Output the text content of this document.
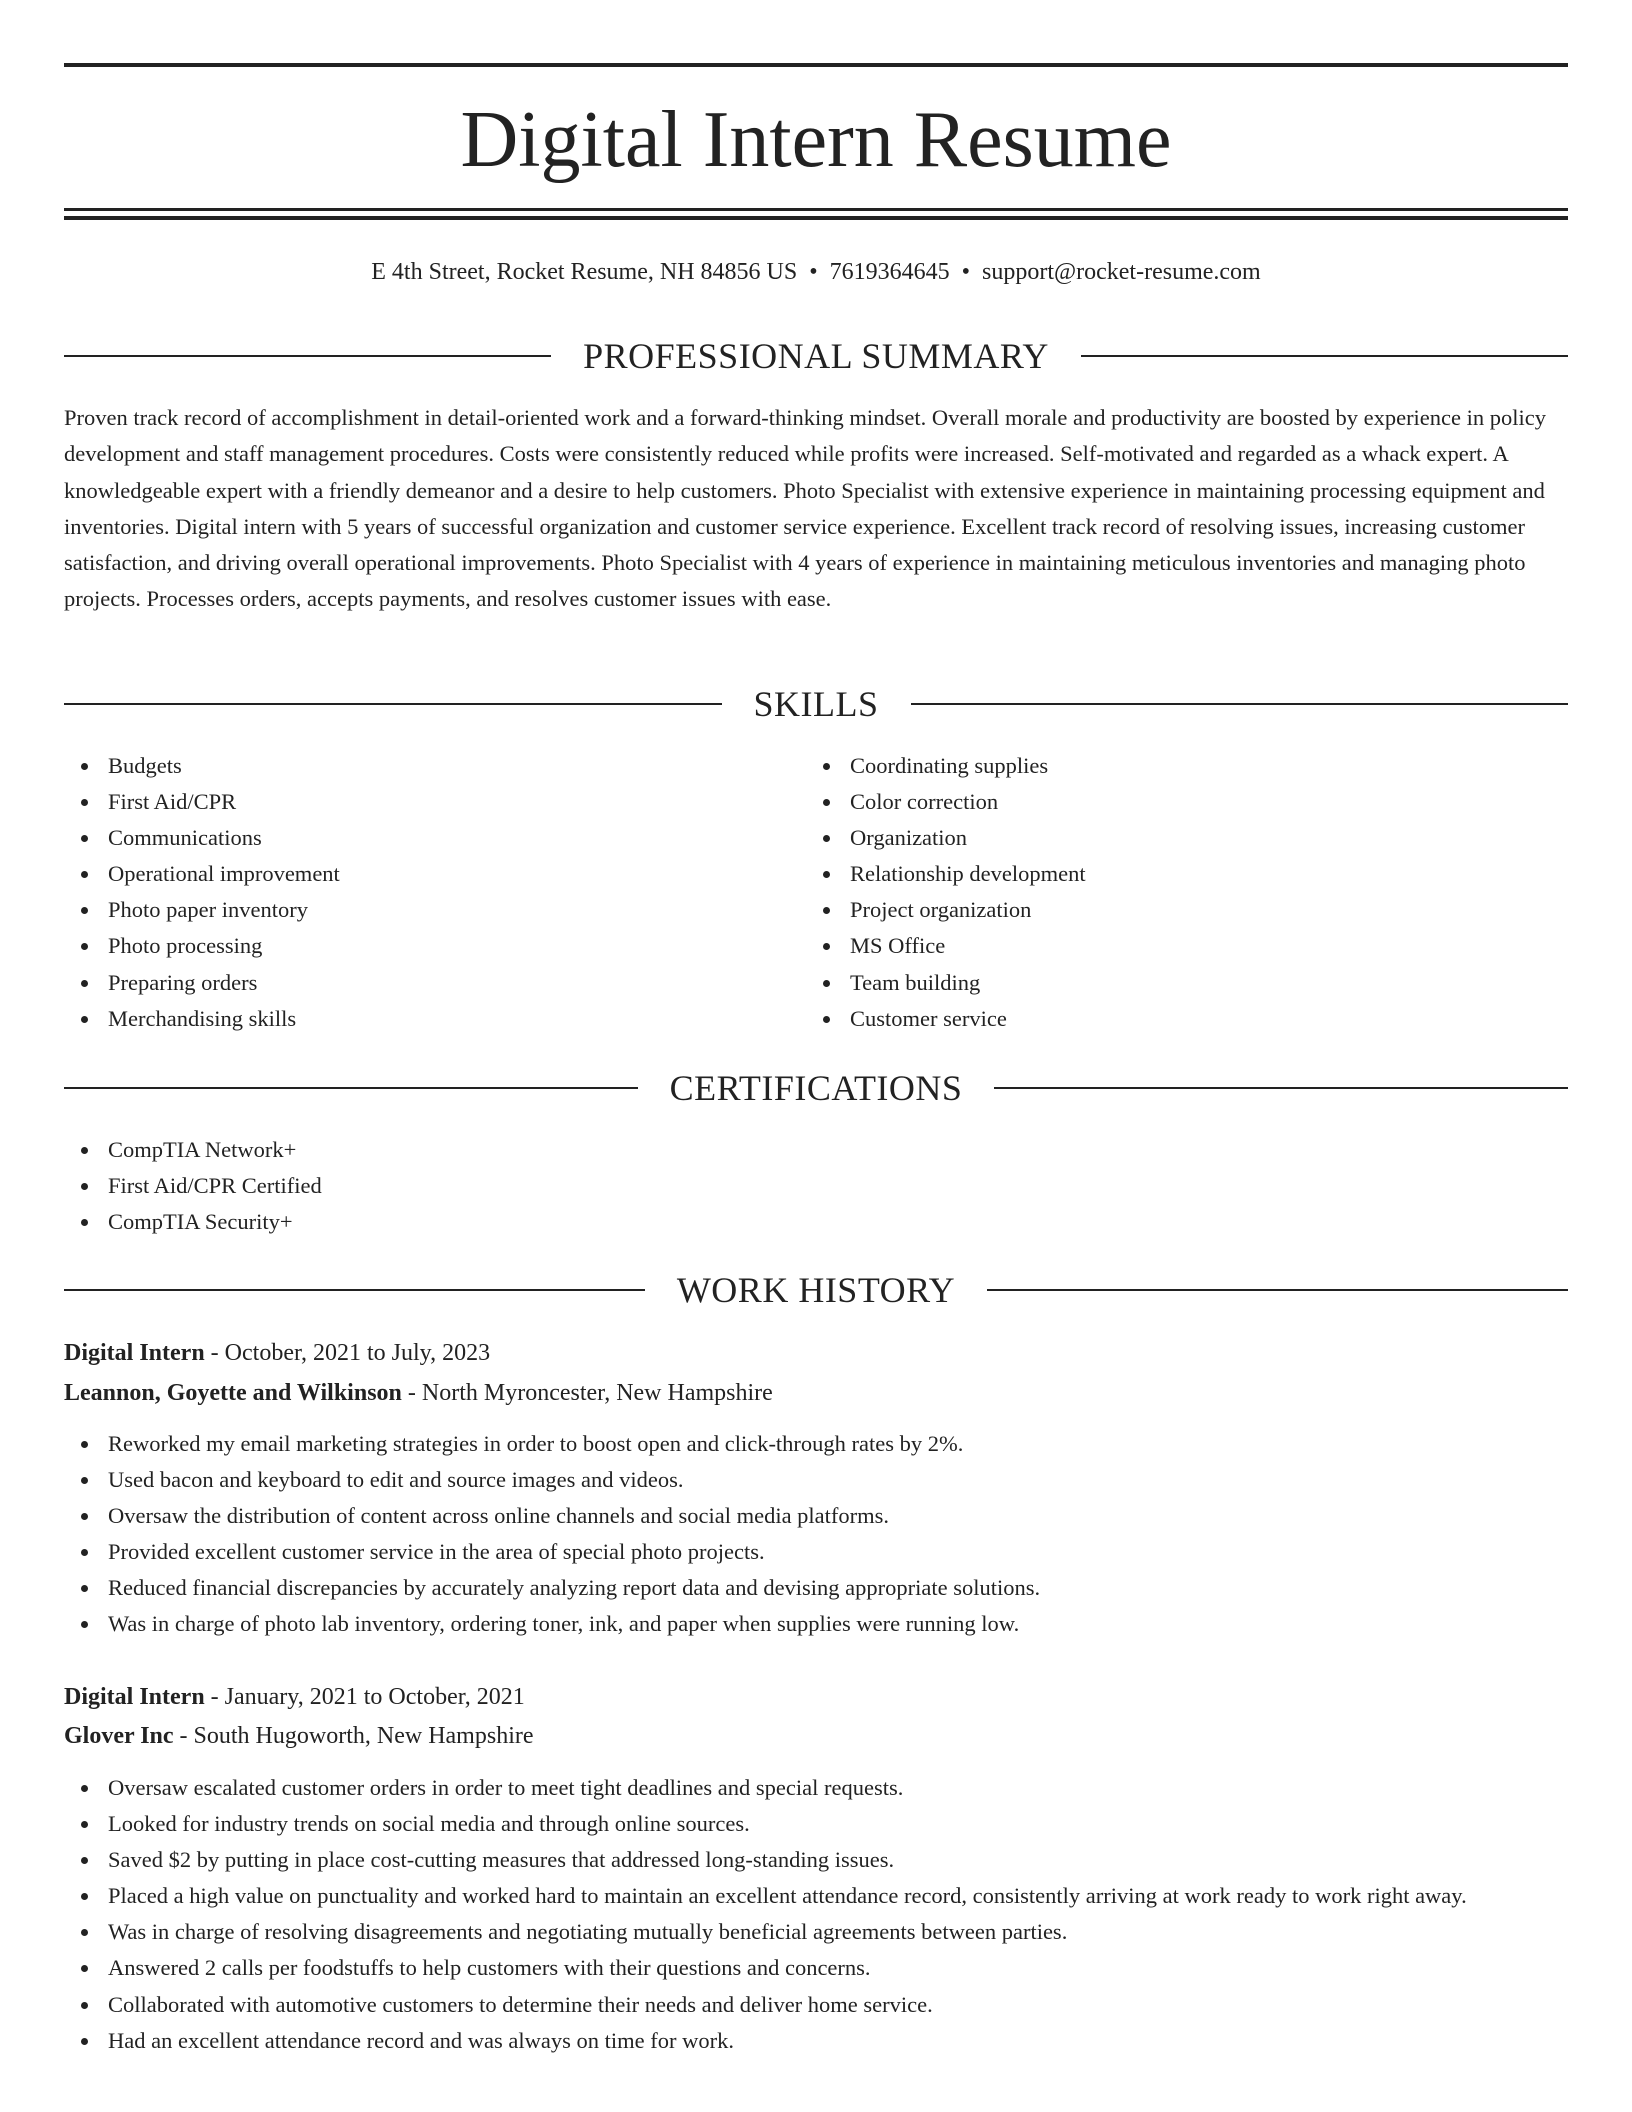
Digital Intern Resume
E 4th Street, Rocket Resume, NH 84856 US • 7619364645 • support@rocket-resume.com
PROFESSIONAL SUMMARY

Proven track record of accomplishment in detail-oriented work and a forward-thinking mindset. Overall morale and productivity are boosted by experience in policy development and staff management procedures. Costs were consistently reduced while profits were increased. Self-motivated and regarded as a whack expert. A knowledgeable expert with a friendly demeanor and a desire to help customers. Photo Specialist with extensive experience in maintaining processing equipment and inventories. Digital intern with 5 years of successful organization and customer service experience. Excellent track record of resolving issues, increasing customer satisfaction, and driving overall operational improvements. Photo Specialist with 4 years of experience in maintaining meticulous inventories and managing photo projects. Processes orders, accepts payments, and resolves customer issues with ease.

SKILLS
Budgets
First Aid/CPR
Communications
Operational improvement
Photo paper inventory
Photo processing
Preparing orders
Merchandising skills
Coordinating supplies
Color correction
Organization
Relationship development
Project organization
MS Office
Team building
Customer service
CERTIFICATIONS
CompTIA Network+
First Aid/CPR Certified
CompTIA Security+
WORK HISTORY
Digital Intern - October, 2021 to July, 2023
Leannon, Goyette and Wilkinson - North Myroncester, New Hampshire
Reworked my email marketing strategies in order to boost open and click-through rates by 2%.
Used bacon and keyboard to edit and source images and videos.
Oversaw the distribution of content across online channels and social media platforms.
Provided excellent customer service in the area of special photo projects.
Reduced financial discrepancies by accurately analyzing report data and devising appropriate solutions.
Was in charge of photo lab inventory, ordering toner, ink, and paper when supplies were running low.
Digital Intern - January, 2021 to October, 2021
Glover Inc - South Hugoworth, New Hampshire
Oversaw escalated customer orders in order to meet tight deadlines and special requests.
Looked for industry trends on social media and through online sources.
Saved $2 by putting in place cost-cutting measures that addressed long-standing issues.
Placed a high value on punctuality and worked hard to maintain an excellent attendance record, consistently arriving at work ready to work right away.
Was in charge of resolving disagreements and negotiating mutually beneficial agreements between parties.
Answered 2 calls per foodstuffs to help customers with their questions and concerns.
Collaborated with automotive customers to determine their needs and deliver home service.
Had an excellent attendance record and was always on time for work.
